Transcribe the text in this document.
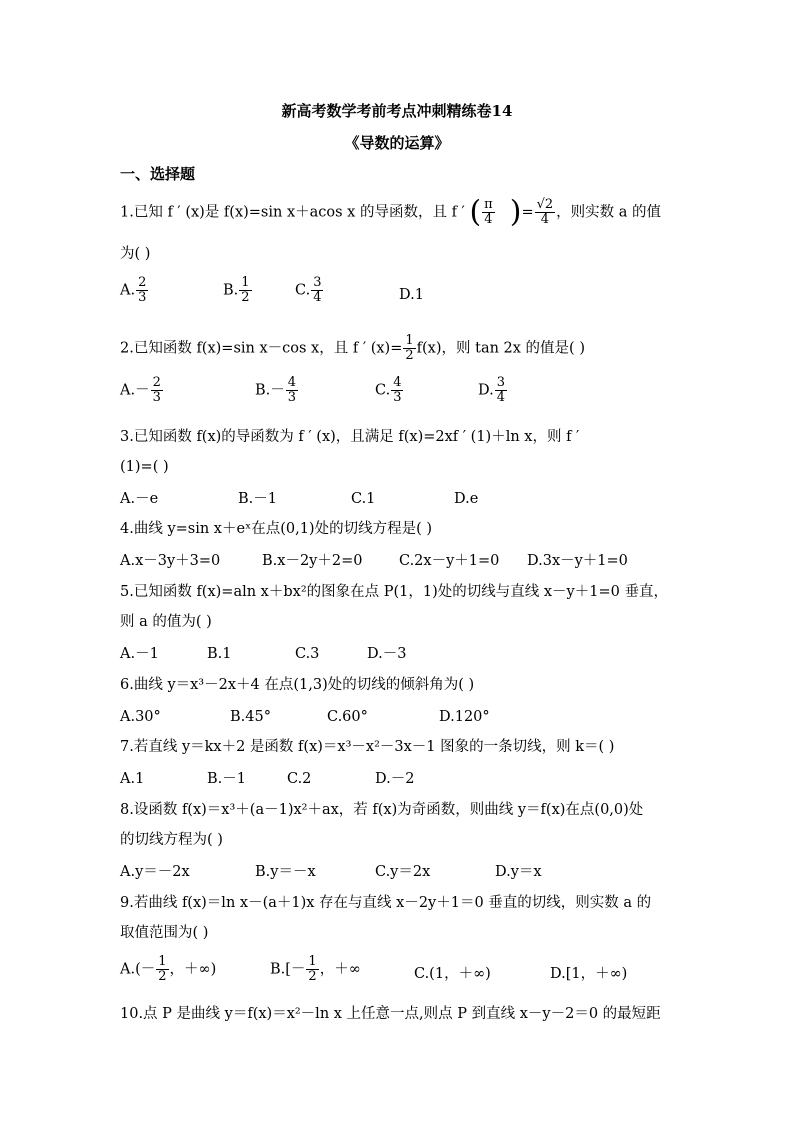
新高考数学考前考点冲刺精练卷14
《导数的运算》
一、选择题
1.已知 f ′ (x)是 f(x)=sin x＋acos x 的导函数，且 f ′ ( $\frac{\pi}{4}$ )= $\frac{√2}{4}$ ，则实数 a 的值
为( )
A. $\frac{2}{3}$	B. $\frac{1}{2}$	C. $\frac{3}{4}$	D.1
2.已知函数 f(x)=sin x－cos x，且 f ′ $(x)= \frac{1}{2} f(x)$，则 tan 2x 的值是( )
$A.- \frac{2}{3}$	$B.- \frac{4}{3}$	C. $\frac{4}{3}$	D. $\frac{3}{4}$
3.已知函数 f(x)的导函数为 f ′ (x)，且满足 f(x)=2xf ′ (1)＋ln x，则 f ′
(1)=( )
A.－e	B.－1	C.1	D.e
4.曲线 y=sin x＋eˣ在点(0,1)处的切线方程是( )
A.x－3y＋3=0	B.x－2y＋2=0	C.2x－y＋1=0 D.3x－y＋1=0
5.已知函数 f(x)=aln x＋bx²的图象在点 P(1，1)处的切线与直线 x－y＋1=0 垂直，
则 a 的值为( )
A.－1	B.1	C.3	D.－3
6.曲线 y＝x³－2x＋4 在点(1,3)处的切线的倾斜角为( )
A.30°	B.45°	C.60°	D.120°
7.若直线 y＝kx＋2 是函数 f(x)＝x³－x²－3x－1 图象的一条切线，则 k＝( )
A.1	B.－1	C.2	D.－2
8.设函数 f(x)＝x³＋(a－1)x²＋ax，若 f(x)为奇函数，则曲线 y＝f(x)在点(0,0)处
的切线方程为( )
A.y＝－2x	B.y＝－x	C.y＝2x	D.y＝x
9.若曲线 f(x)＝ln x－(a＋1)x 存在与直线 x－2y＋1＝0 垂直的切线，则实数 a 的
取值范围为( )
$A.(- \frac{1}{2}$ ，＋∞)	$B.[- \frac{1}{2}$ ，＋∞	C.(1，＋∞)	D.[1，＋∞)
10.点 P 是曲线 y＝f(x)＝x²－ln x 上任意一点,则点 P 到直线 x－y－2＝0 的最短距
